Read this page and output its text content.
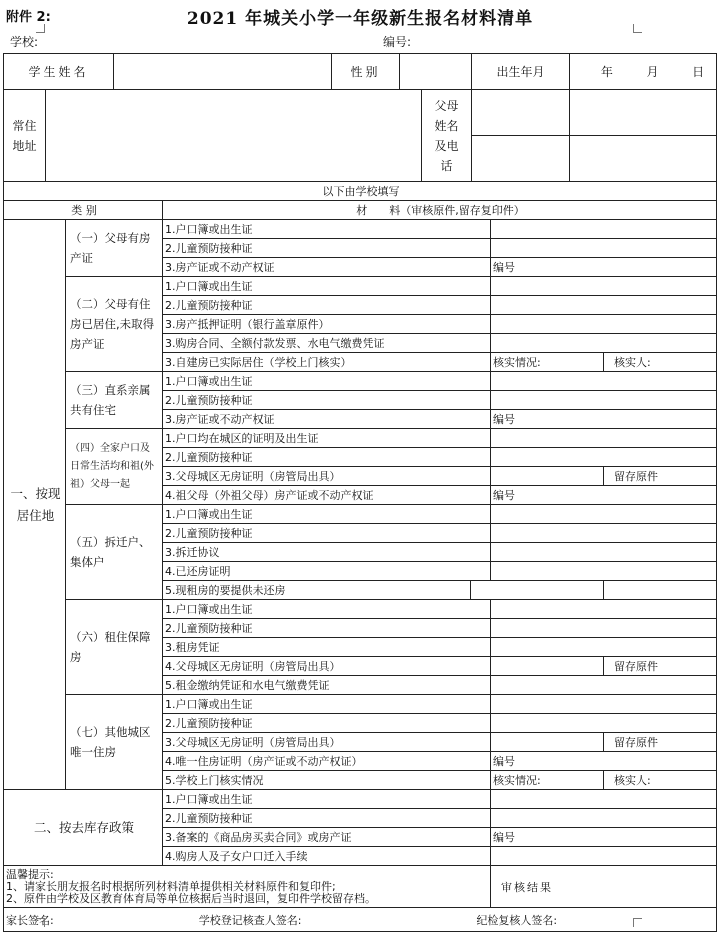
附件 2:	2021 年城关小学一年级新生报名材料清单
学校:	编号:
学生姓名			性别			出生年月	年 月 日

常住地址					父母
姓名
及电
话		

以下由学校填写					
类 别		材　　料（审核原件,留存复印件）			
一、按现居住地	（一）父母有房产证	1.户口簿或出生证			
		2.儿童预防接种证			
		3.房产证或不动产权证		编号	
	（二）父母有住房已居住,未取得房产证	1.户口簿或出生证			
		2.儿童预防接种证			
		3.房产抵押证明（银行盖章原件）			
		3.购房合同、全额付款发票、水电气缴费凭证			
		3.自建房已实际居住（学校上门核实）		核实情况:	核实人:
	（三）直系亲属共有住宅	1.户口簿或出生证			
		2.儿童预防接种证			
		3.房产证或不动产权证		编号	
	（四）全家户口及日常生活均和祖(外祖）父母一起	1.户口均在城区的证明及出生证			
		2.儿童预防接种证			
		3.父母城区无房证明（房管局出具）			留存原件
		4.祖父母（外祖父母）房产证或不动产权证		编号	
	（五）拆迁户、集体户	1.户口簿或出生证			
		2.儿童预防接种证			
		3.拆迁协议			
		4.已还房证明			
		5.现租房的要提供未还房			
	（六）租住保障房	1.户口簿或出生证			
		2.儿童预防接种证			
		3.租房凭证			
		4.父母城区无房证明（房管局出具）			留存原件
		5.租金缴纳凭证和水电气缴费凭证			
	（七）其他城区唯一住房	1.户口簿或出生证			
		2.儿童预防接种证			
		3.父母城区无房证明（房管局出具）			留存原件
		4.唯一住房证明（房产证或不动产权证）		编号	
		5.学校上门核实情况		核实情况:	核实人:
二、按去库存政策		1.户口簿或出生证			
		2.儿童预防接种证			
		3.备案的《商品房买卖合同》或房产证		编号	
		4.购房人及子女户口迁入手续			

温馨提示:
1、请家长朋友报名时根据所列材料清单提供相关材料原件和复印件;
2、原件由学校及区教育体育局等单位核据后当时退回，复印件学校留存档。				审核结果	
家长签名: 学校登记核查人签名: 纪检复核人签名:					
